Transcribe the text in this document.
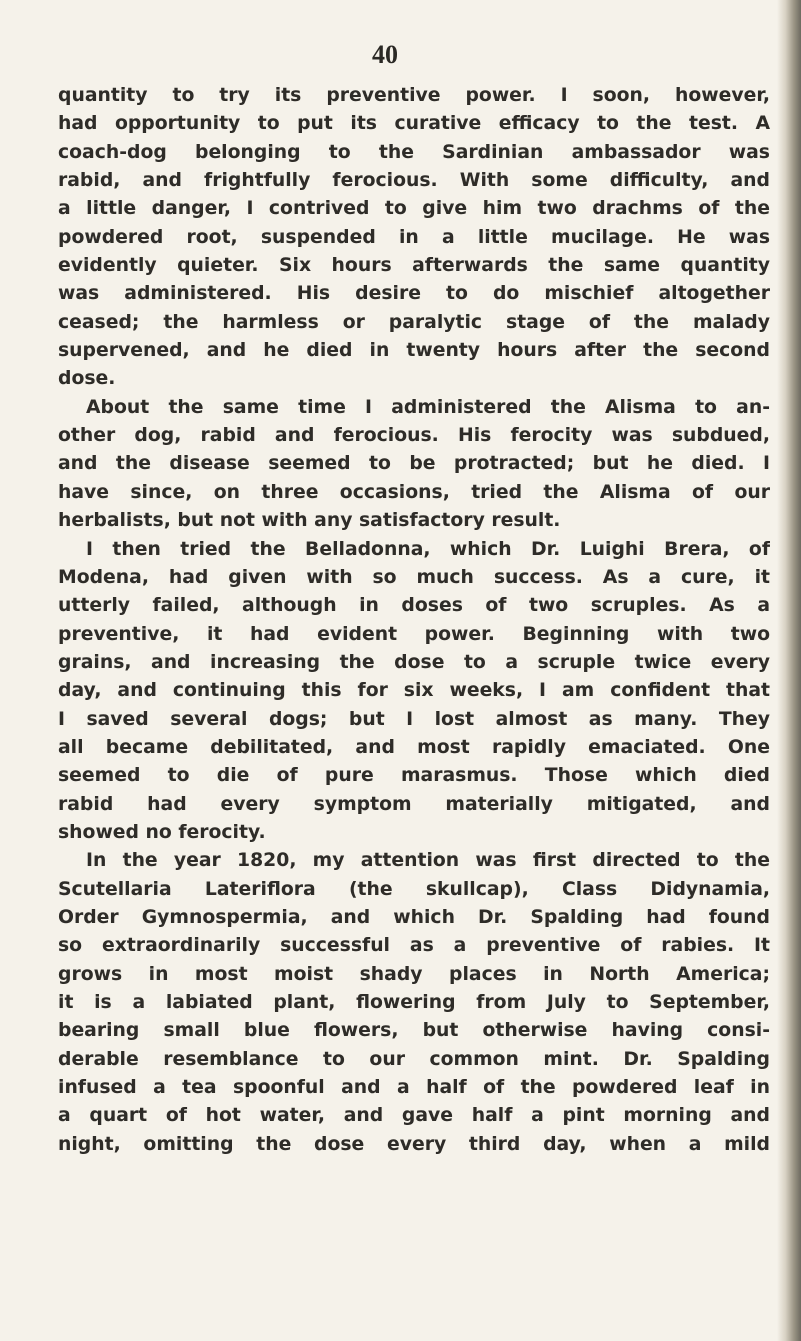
40
quantity to try its preventive power. I soon, however,
had opportunity to put its curative efficacy to the test. A
coach-dog belonging to the Sardinian ambassador was
rabid, and frightfully ferocious. With some difficulty, and
a little danger, I contrived to give him two drachms of the
powdered root, suspended in a little mucilage. He was
evidently quieter. Six hours afterwards the same quantity
was administered. His desire to do mischief altogether
ceased; the harmless or paralytic stage of the malady
supervened, and he died in twenty hours after the second
dose.
About the same time I administered the Alisma to an-
other dog, rabid and ferocious. His ferocity was subdued,
and the disease seemed to be protracted; but he died. I
have since, on three occasions, tried the Alisma of our
herbalists, but not with any satisfactory result.
I then tried the Belladonna, which Dr. Luighi Brera, of
Modena, had given with so much success. As a cure, it
utterly failed, although in doses of two scruples. As a
preventive, it had evident power. Beginning with two
grains, and increasing the dose to a scruple twice every
day, and continuing this for six weeks, I am confident that
I saved several dogs; but I lost almost as many. They
all became debilitated, and most rapidly emaciated. One
seemed to die of pure marasmus. Those which died
rabid had every symptom materially mitigated, and
showed no ferocity.
In the year 1820, my attention was first directed to the
Scutellaria Lateriflora (the skullcap), Class Didynamia,
Order Gymnospermia, and which Dr. Spalding had found
so extraordinarily successful as a preventive of rabies. It
grows in most moist shady places in North America;
it is a labiated plant, flowering from July to September,
bearing small blue flowers, but otherwise having consi-
derable resemblance to our common mint. Dr. Spalding
infused a tea spoonful and a half of the powdered leaf in
a quart of hot water, and gave half a pint morning and
night, omitting the dose every third day, when a mild
